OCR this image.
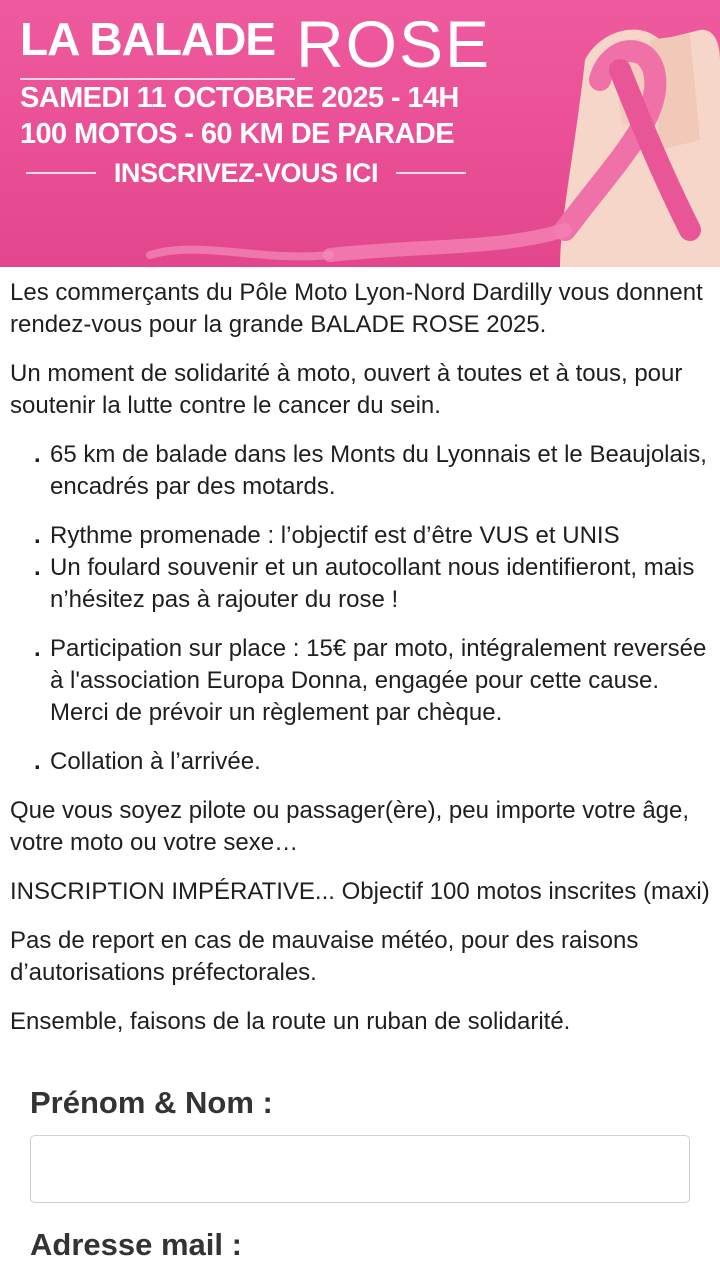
LA BALADE ROSE
SAMEDI 11 OCTOBRE 2025 - 14H
100 MOTOS - 60 KM DE PARADE
INSCRIVEZ-VOUS ICI

Les commerçants du Pôle Moto Lyon-Nord Dardilly vous donnent rendez-vous pour la grande BALADE ROSE 2025.

Un moment de solidarité à moto, ouvert à toutes et à tous, pour soutenir la lutte contre le cancer du sein.

. 65 km de balade dans les Monts du Lyonnais et le Beaujolais, encadrés par des motards.
. Rythme promenade : l’objectif est d’être VUS et UNIS
. Un foulard souvenir et un autocollant nous identifieront, mais n’hésitez pas à rajouter du rose !
. Participation sur place : 15€ par moto, intégralement reversée à l'association Europa Donna, engagée pour cette cause. Merci de prévoir un règlement par chèque.
. Collation à l’arrivée.

Que vous soyez pilote ou passager(ère), peu importe votre âge, votre moto ou votre sexe…

INSCRIPTION IMPÉRATIVE... Objectif 100 motos inscrites (maxi)

Pas de report en cas de mauvaise météo, pour des raisons d’autorisations préfectorales.

Ensemble, faisons de la route un ruban de solidarité.

Prénom & Nom :
Adresse mail :
